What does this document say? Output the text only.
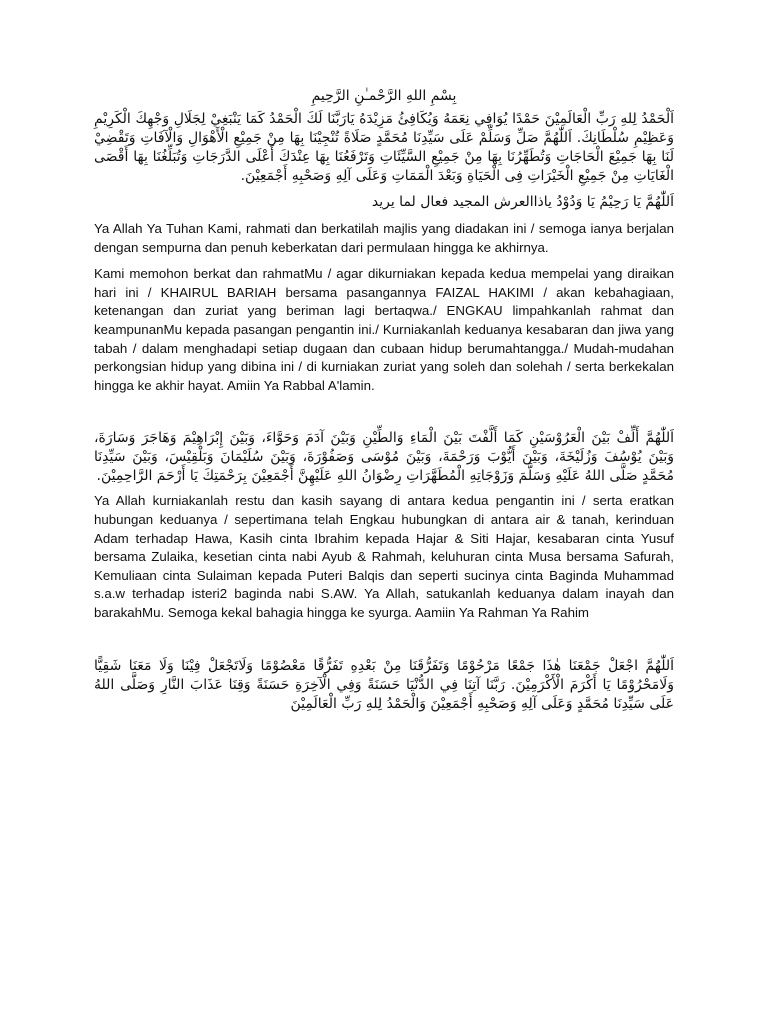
بِسْمِ اللهِ الرَّحْمـٰنِ الرَّحِيمِ

اَلْحَمْدُ لِلهِ رَبِّ الْعَالَمِيْنَ حَمْدًا يُوَافِي نِعَمَهُ وَيُكَافِئُ مَزِيْدَهُ يَارَبَّنَا لَكَ الْحَمْدُ كَمَا يَنْبَغِيْ لِجَلَالِ وَجْهِكَ الْكَرِيْمِ وَعَظِيْمِ سُلْطَانِكَ. اَللّٰهُمَّ صَلِّ وَسَلِّمْ عَلَى سَيِّدِنَا مُحَمَّدٍ صَلَاةً تُنْجِيْنَا بِهَا مِنْ جَمِيْعِ الْأَهْوَالِ وَالْآفَاتِ وَتَقْضِيْ لَنَا بِهَا جَمِيْعَ الْحَاجَاتِ وَتُطَهِّرُنَا بِهَا مِنْ جَمِيْعِ السَّيِّئَاتِ وَتَرْفَعُنَا بِهَا عِنْدَكَ أَعْلَى الدَّرَجَاتِ وَتُبَلِّغُنَا بِهَا أَقْصَى الْغَايَاتِ مِنْ جَمِيْعِ الْخَيْرَاتِ فِى الْحَيَاةِ وَبَعْدَ الْمَمَاتِ وَعَلَى آلِهِ وَصَحْبِهِ أَجْمَعِيْنَ.

اَللّٰهُمَّ يَا رَحِيْمُ يَا وَدُوْدُ ياذاالعرش المجيد فعال لما يريد

Ya Allah Ya Tuhan Kami, rahmati dan berkatilah majlis yang diadakan ini / semoga ianya berjalan dengan sempurna dan penuh keberkatan dari permulaan hingga ke akhirnya.

Kami memohon berkat dan rahmatMu / agar dikurniakan kepada kedua mempelai yang diraikan hari ini / KHAIRUL BARIAH bersama pasangannya FAIZAL HAKIMI / akan kebahagiaan, ketenangan dan zuriat yang beriman lagi bertaqwa./ ENGKAU limpahkanlah rahmat dan keampunanMu kepada pasangan pengantin ini./ Kurniakanlah keduanya kesabaran dan jiwa yang tabah / dalam menghadapi setiap dugaan dan cubaan hidup berumahtangga./ Mudah-mudahan perkongsian hidup yang dibina ini / di kurniakan zuriat yang soleh dan solehah / serta berkekalan hingga ke akhir hayat. Amiin Ya Rabbal A'lamin.

اَللّٰهُمَّ أَلِّفْ بَيْنَ الْعَرُوْسَيْنِ كَمَا أَلَّفْتَ بَيْنَ الْمَاءِ وَالطِّيْنِ وَبَيْنَ آدَمَ وَحَوَّاءَ، وَبَيْنَ إِبْرَاهِيْمَ وَهَاجَرَ وَسَارَةَ، وَبَيْنَ يُوْسُفَ وَزُلَيْخَةَ، وَبَيْنَ أَيُّوْبَ وَرَحْمَةَ، وَبَيْنَ مُوْسَى وَصَفُوْرَةَ، وَبَيْنَ سُلَيْمَانَ وَبَلْقِيْسَ، وَبَيْنَ سَيِّدِنَا مُحَمَّدٍ صَلَّى اللهُ عَلَيْهِ وَسَلَّمَ وَزَوْجَاتِهِ الْمُطَهَّرَاتِ رِضْوَانُ اللهِ عَلَيْهِنَّ أَجْمَعِيْنَ بِرَحْمَتِكَ يَا أَرْحَمَ الرَّاحِمِيْنَ.

Ya Allah kurniakanlah restu dan kasih sayang di antara kedua pengantin ini / serta eratkan hubungan keduanya / sepertimana telah Engkau hubungkan di antara air & tanah, kerinduan Adam terhadap Hawa, Kasih cinta Ibrahim kepada Hajar & Siti Hajar, kesabaran cinta Yusuf bersama Zulaika, kesetian cinta nabi Ayub & Rahmah, keluhuran cinta Musa bersama Safurah, Kemuliaan cinta Sulaiman kepada Puteri Balqis dan seperti sucinya cinta Baginda Muhammad s.a.w terhadap isteri2 baginda nabi S.AW. Ya Allah, satukanlah keduanya dalam inayah dan barakahMu. Semoga kekal bahagia hingga ke syurga. Aamiin Ya Rahman Ya Rahim

اَللّٰهُمَّ اجْعَلْ جَمْعَنَا هٰذَا جَمْعًا مَرْحُوْمًا وَتَفَرُّقَنَا مِنْ بَعْدِهِ تَفَرُّقًا مَعْصُوْمًا وَلَاتَجْعَلْ فِيْنَا وَلَا مَعَنَا شَقِيًّا وَلَامَحْرُوْمًا يَا أَكْرَمَ الْأَكْرَمِيْنَ. رَبَّنَا آتِنَا فِي الدُّنْيَا حَسَنَةً وَفِي الْآخِرَةِ حَسَنَةً وَقِنَا عَذَابَ النَّارِ وَصَلَّى اللهُ عَلَى سَيِّدِنَا مُحَمَّدٍ وَعَلَى آلِهِ وَصَحْبِهِ أَجْمَعِيْنَ وَالْحَمْدُ لِلهِ رَبِّ الْعَالَمِيْنَ
